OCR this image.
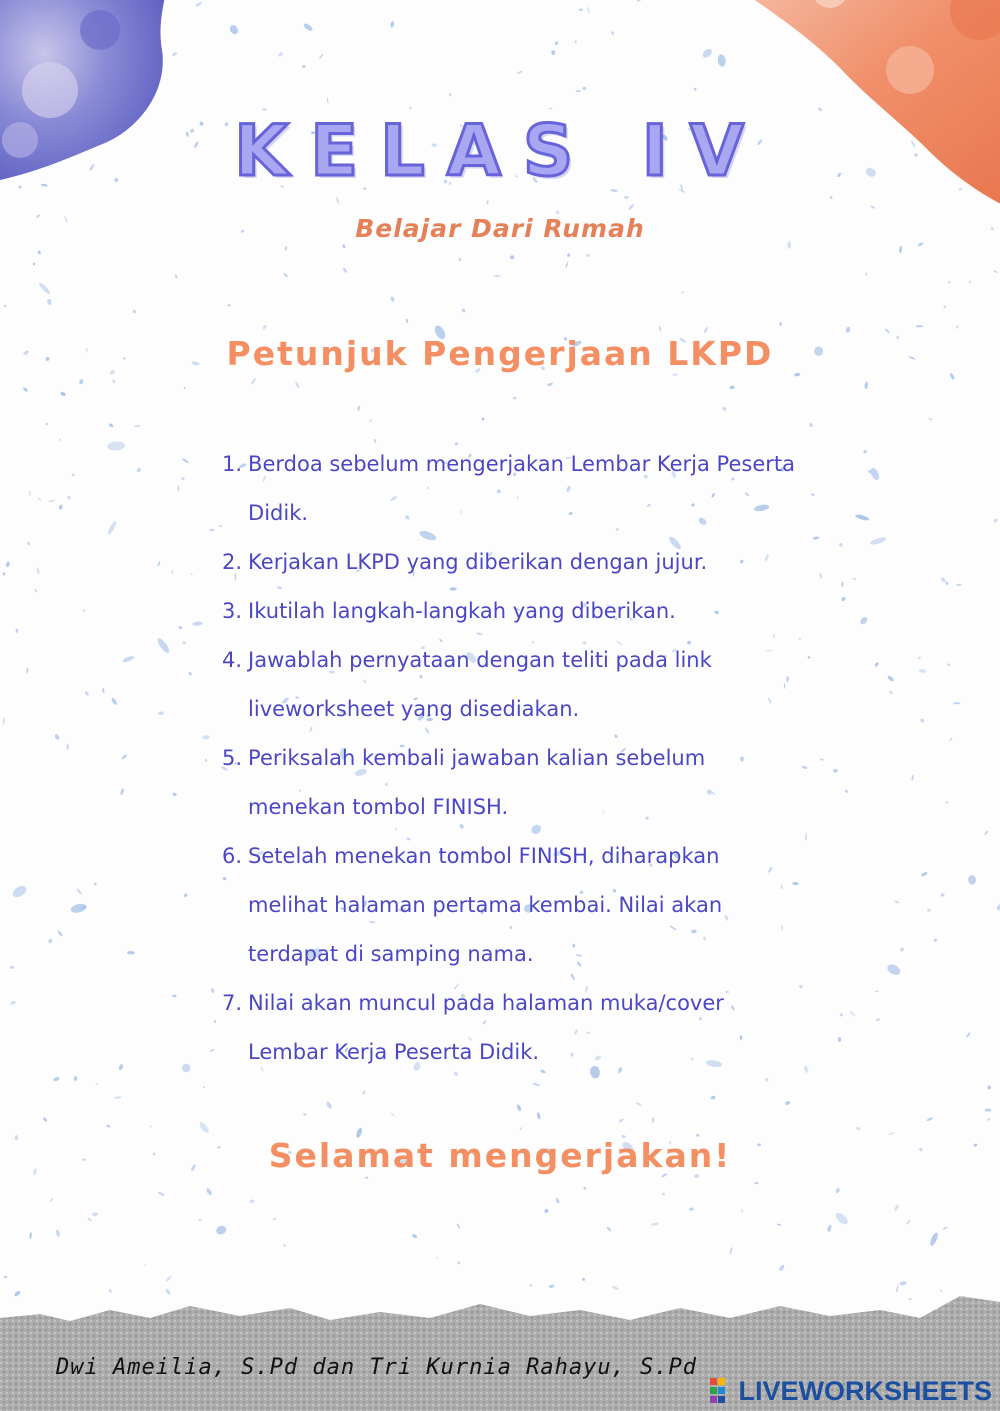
KELAS IV
Belajar Dari Rumah
Petunjuk Pengerjaan LKPD
1. Berdoa sebelum mengerjakan Lembar Kerja Peserta Didik.
2. Kerjakan LKPD yang diberikan dengan jujur.
3. Ikutilah langkah-langkah yang diberikan.
4. Jawablah pernyataan dengan teliti pada link liveworksheet yang disediakan.
5. Periksalah kembali jawaban kalian sebelum menekan tombol FINISH.
6. Setelah menekan tombol FINISH, diharapkan melihat halaman pertama kembai. Nilai akan terdapat di samping nama.
7. Nilai akan muncul pada halaman muka/cover Lembar Kerja Peserta Didik.
Selamat mengerjakan!
Dwi Ameilia, S.Pd dan Tri Kurnia Rahayu, S.Pd
LIVEWORKSHEETS
